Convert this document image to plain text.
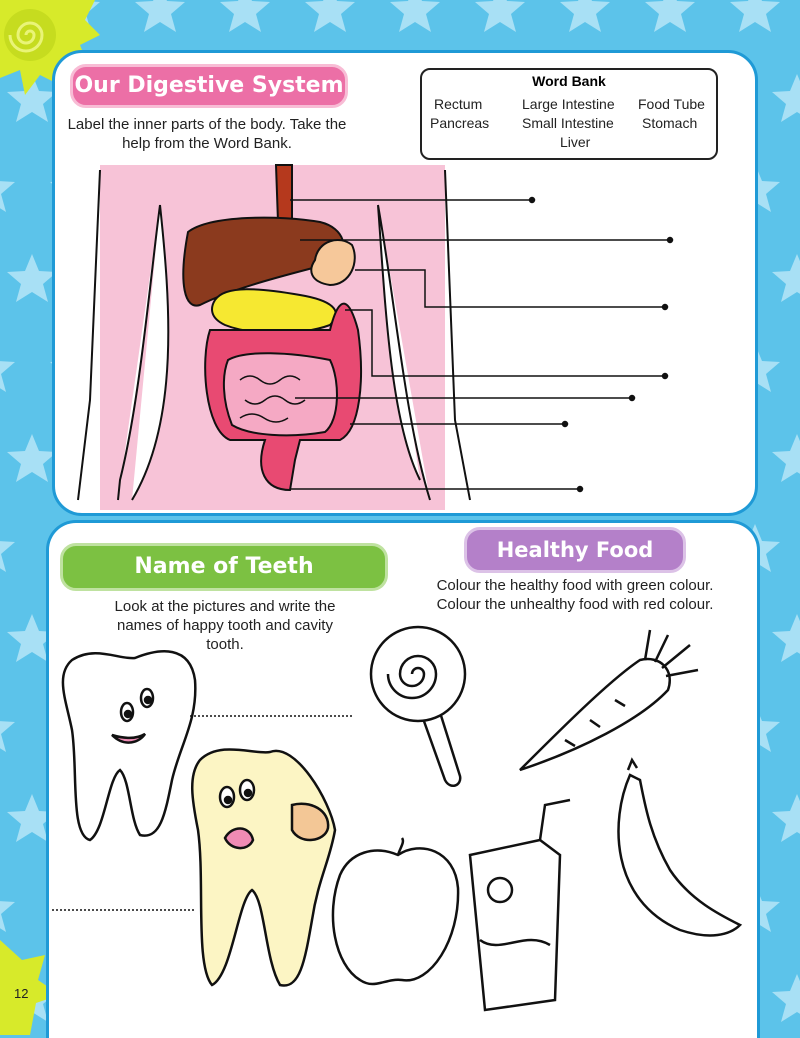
Our Digestive System
Label the inner parts of the body. Take the help from the Word Bank.
Word Bank
Rectum	Large Intestine Food Tube
Pancreas Small Intestine Stomach
Liver
Name of Teeth
Look at the pictures and write the names of happy tooth and cavity tooth.
Healthy Food
Colour the healthy food with green colour.
Colour the unhealthy food with red colour.
12
